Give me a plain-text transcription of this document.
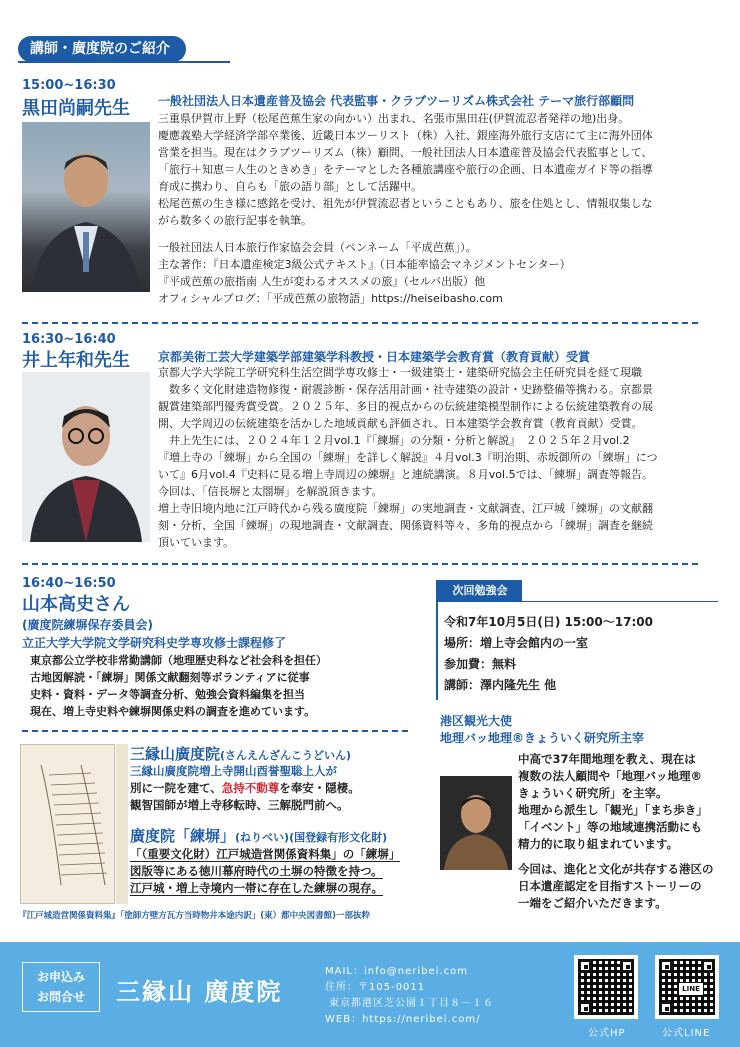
講師・廣度院のご紹介
15:00~16:30
黒田尚嗣先生 一般社団法人日本遺産普及協会 代表監事・クラブツーリズム株式会社 テーマ旅行部顧問

三重県伊賀市上野（松尾芭蕉生家の向かい）出まれ、名張市黒田荘(伊賀流忍者発祥の地)出身。

慶應義塾大学経済学部卒業後、近畿日本ツーリスト（株）入社、銀座海外旅行支店にて主に海外団体

営業を担当。現在はクラブツーリズム（株）顧問、一般社団法人日本遺産普及協会代表監事として、

「旅行＋知恵＝人生のときめき」をテーマとした各種旅講座や旅行の企画、日本遺産ガイド等の指導

育成に携わり、自らも「旅の語り部」として活躍中。

松尾芭蕉の生き様に感銘を受け、祖先が伊賀流忍者ということもあり、旅を住処とし、情報収集しな

がら数多くの旅行記事を執筆。

一般社団法人日本旅行作家協会会員（ペンネーム「平成芭蕉」）。

主な著作：『日本遺産検定3級公式テキスト』（日本能率協会マネジメントセンター）

『平成芭蕉の旅指南 人生が変わるオススメの旅』（セルバ出版）他

オフィシャルブログ：「平成芭蕉の旅物語」https://heiseibasho.com

16:30~16:40
井上年和先生 京都美術工芸大学建築学部建築学科教授・日本建築学会教育賞（教育貢献）受賞

京都大学大学院工学研究科生活空間学専攻修士・一級建築士・建築研究協会主任研究員を経て現職

　数多く文化財建造物修復・耐震診断・保存活用計画・社寺建築の設計・史跡整備等携わる。京都景

観賞建築部門優秀賞受賞。２０２５年、多目的視点からの伝統建築模型制作による伝統建築教育の展

開、大学周辺の伝統建築を活かした地域貢献も評価され、日本建築学会教育賞（教育貢献）受賞。

　井上先生には、２０２４年１２月vol.1『「練塀」の分類・分析と解説』　２０２５年２月vol.2

『増上寺の「練塀」から全国の「練塀」を詳しく解説』４月vol.3『明治期、赤坂御所の「練塀」につ

いて』6月vol.4『史料に見る増上寺周辺の練塀』と連続講演。８月vol.5では、「練塀」調査等報告。

今回は、「信長塀と太閤塀」を解説頂きます。

増上寺旧境内地に江戸時代から残る廣度院「練塀」の実地調査・文献調査、江戸城「練塀」の文献翻

刻・分析、全国「練塀」の現地調査・文献調査、関係資料等々、多角的視点から「練塀」調査を継続

頂いています。

16:40~16:50
山本高史さん
(廣度院練塀保存委員会)
立正大学大学院文学研究科史学専攻修士課程修了

東京都公立学校非常勤講師（地理歴史科など社会科を担任）

古地図解読・「練塀」関係文献翻刻等ボランティアに従事

史料・資料・データ等調査分析、勉強会資料編集を担当

現在、増上寺史料や練塀関係史料の調査を進めています。

次回勉強会

令和7年10月5日(日) 15:00〜17:00

場所：増上寺会館内の一室

参加費：無料

講師：澤内隆先生 他

港区観光大使
地理バッ地理®きょういく研究所主宰

中高で37年間地理を教え、現在は

複数の法人顧問や「地理バッ地理®

きょういく研究所」を主宰。

地理から派生し「観光」「まち歩き」

「イベント」等の地域連携活動にも

精力的に取り組まれています。

今回は、進化と文化が共存する港区の

日本遺産認定を目指すストーリーの

一端をご紹介いただきます。

三縁山廣度院(さんえんざんこうどいん)

三縁山廣度院増上寺開山酉誉聖聡上人が

別に一院を建て、急持不動尊を奉安・隠棲。

観智国師が増上寺移転時、三解脱門前へ。

廣度院「練塀」(ねりべい)(国登録有形文化財)

「（重要文化財）江戸城造営関係資料集」の「練塀」

図版等にある徳川幕府時代の土塀の特徴を持つ。

江戸城・増上寺境内一帯に存在した練塀の現存。

『江戸城造営関係資料集』「塗師方壁方瓦方当時物井本途内訳」(東）都中央図書館)一部抜粋
お申込み
お問合せ	三縁山 廣度院
MAIL：info@neribei.com
住所：〒105-0011
東京都港区芝公園１丁目８－１６
WEB：https://neribei.com/
公式HP
LINE
公式LINE
